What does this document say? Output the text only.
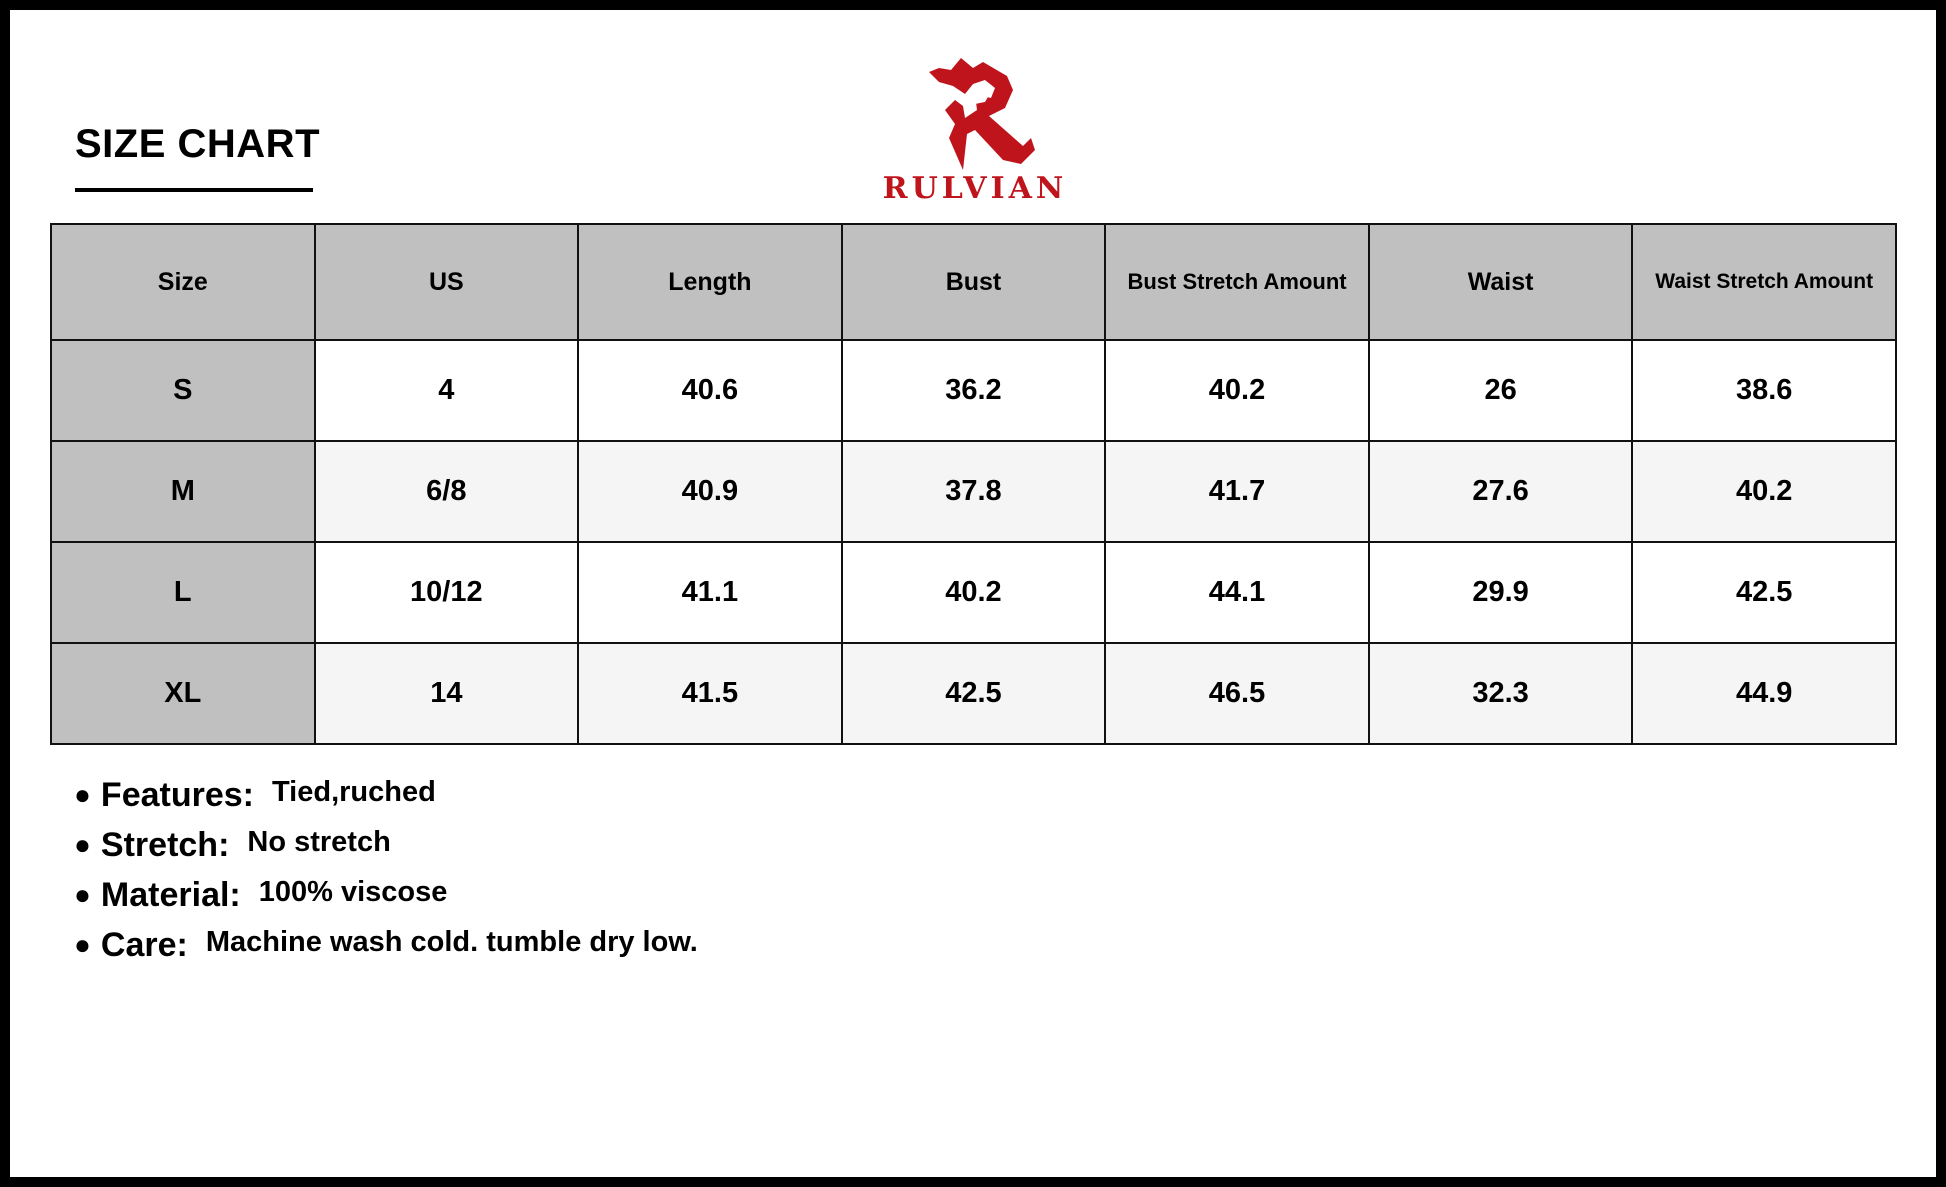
SIZE CHART
RULVIAN
Size	US	Length	Bust	Bust Stretch Amount	Waist	Waist Stretch Amount
S	4	40.6	36.2	40.2	26	38.6
M	6/8	40.9	37.8	41.7	27.6	40.2
L	10/12	41.1	40.2	44.1	29.9	42.5
XL	14	41.5	42.5	46.5	32.3	44.9
● Features: Tied,ruched
● Stretch: No stretch
● Material: 100% viscose
● Care: Machine wash cold. tumble dry low.
